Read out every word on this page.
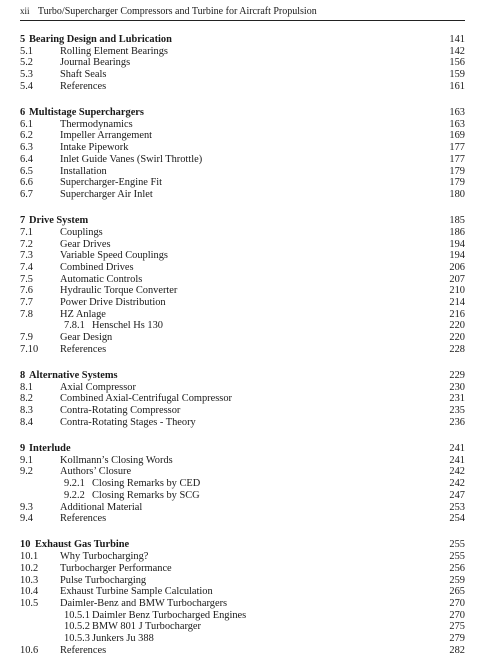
xii Turbo/Supercharger Compressors and Turbine for Aircraft Propulsion
5 Bearing Design and Lubrication	141
5.1	Rolling Element Bearings	142
5.2	Journal Bearings	156
5.3	Shaft Seals	159
5.4	References	161
6 Multistage Superchargers	163
6.1	Thermodynamics	163
6.2	Impeller Arrangement	169
6.3	Intake Pipework	177
6.4	Inlet Guide Vanes (Swirl Throttle)	177
6.5	Installation	179
6.6	Supercharger-Engine Fit	179
6.7	Supercharger Air Inlet	180
7 Drive System	185
7.1	Couplings	186
7.2	Gear Drives	194
7.3	Variable Speed Couplings	194
7.4	Combined Drives	206
7.5	Automatic Controls	207
7.6	Hydraulic Torque Converter	210
7.7	Power Drive Distribution	214
7.8	HZ Anlage	216
7.8.1 Henschel Hs 130	220
7.9	Gear Design	220
7.10 References	228
8 Alternative Systems	229
8.1	Axial Compressor	230
8.2	Combined Axial-Centrifugal Compressor	231
8.3	Contra-Rotating Compressor	235
8.4	Contra-Rotating Stages - Theory	236
9 Interlude	241
9.1	Kollmann’s Closing Words	241
9.2	Authors’ Closure	242
9.2.1 Closing Remarks by CED	242
9.2.2 Closing Remarks by SCG	247
9.3	Additional Material	253
9.4	References	254
10 Exhaust Gas Turbine	255
10.1 Why Turbocharging?	255
10.2 Turbocharger Performance	256
10.3 Pulse Turbocharging	259
10.4 Exhaust Turbine Sample Calculation	265
10.5 Daimler-Benz and BMW Turbochargers	270
10.5.1 Daimler Benz Turbocharged Engines	270
10.5.2 BMW 801 J Turbocharger	275
10.5.3 Junkers Ju 388	279
10.6 References	282
